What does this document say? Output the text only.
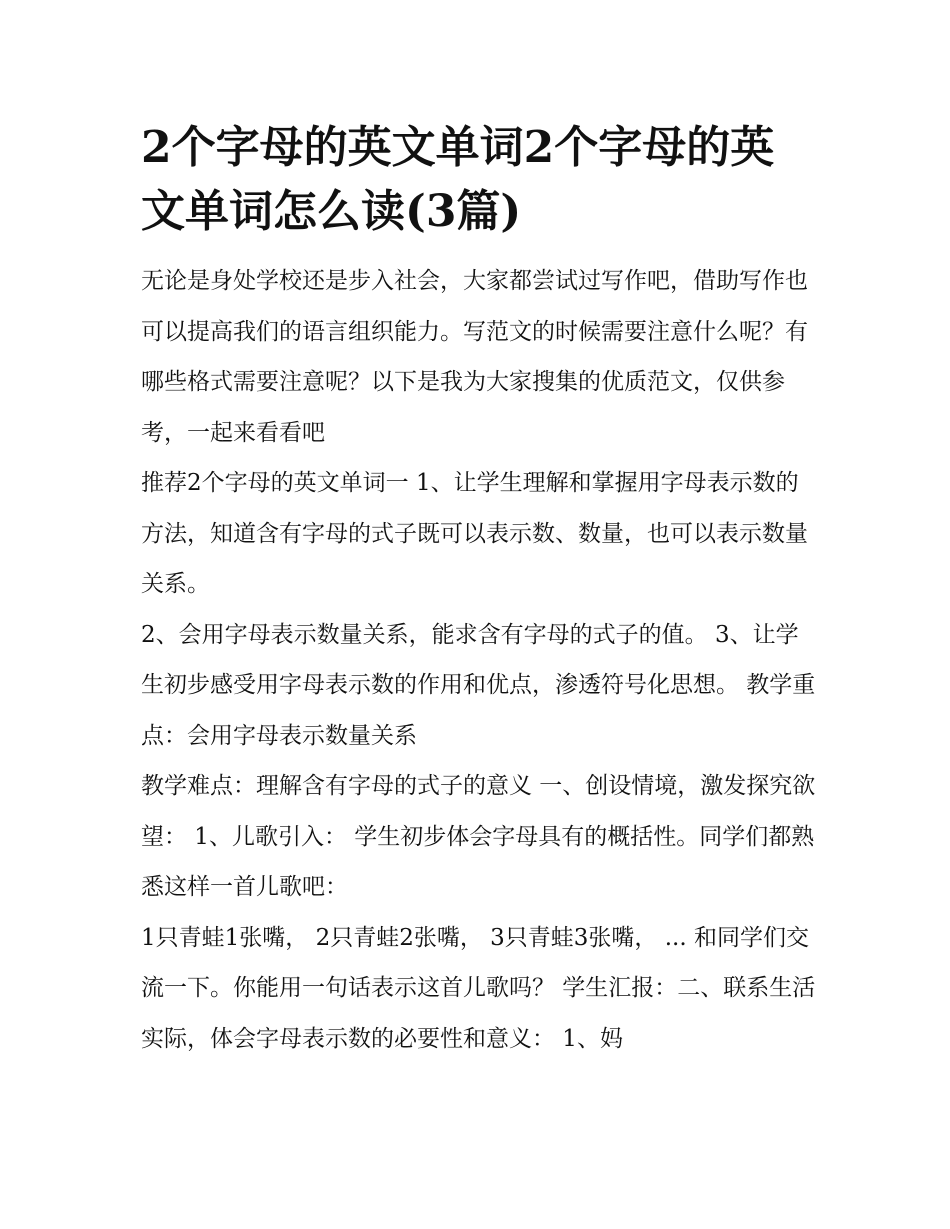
2个字母的英文单词2个字母的英文单词怎么读(3篇)

无论是身处学校还是步入社会，大家都尝试过写作吧，借助写作也可以提高我们的语言组织能力。写范文的时候需要注意什么呢？有哪些格式需要注意呢？以下是我为大家搜集的优质范文，仅供参考，一起来看看吧

推荐2个字母的英文单词一 1、让学生理解和掌握用字母表示数的方法，知道含有字母的式子既可以表示数、数量，也可以表示数量关系。

2、会用字母表示数量关系，能求含有字母的式子的值。 3、让学生初步感受用字母表示数的作用和优点，渗透符号化思想。 教学重点：会用字母表示数量关系

教学难点：理解含有字母的式子的意义 一、创设情境，激发探究欲望： 1、儿歌引入： 学生初步体会字母具有的概括性。同学们都熟悉这样一首儿歌吧：

1只青蛙1张嘴， 2只青蛙2张嘴， 3只青蛙3张嘴， ... 和同学们交流一下。你能用一句话表示这首儿歌吗？ 学生汇报：二、联系生活实际，体会字母表示数的必要性和意义： 1、妈
